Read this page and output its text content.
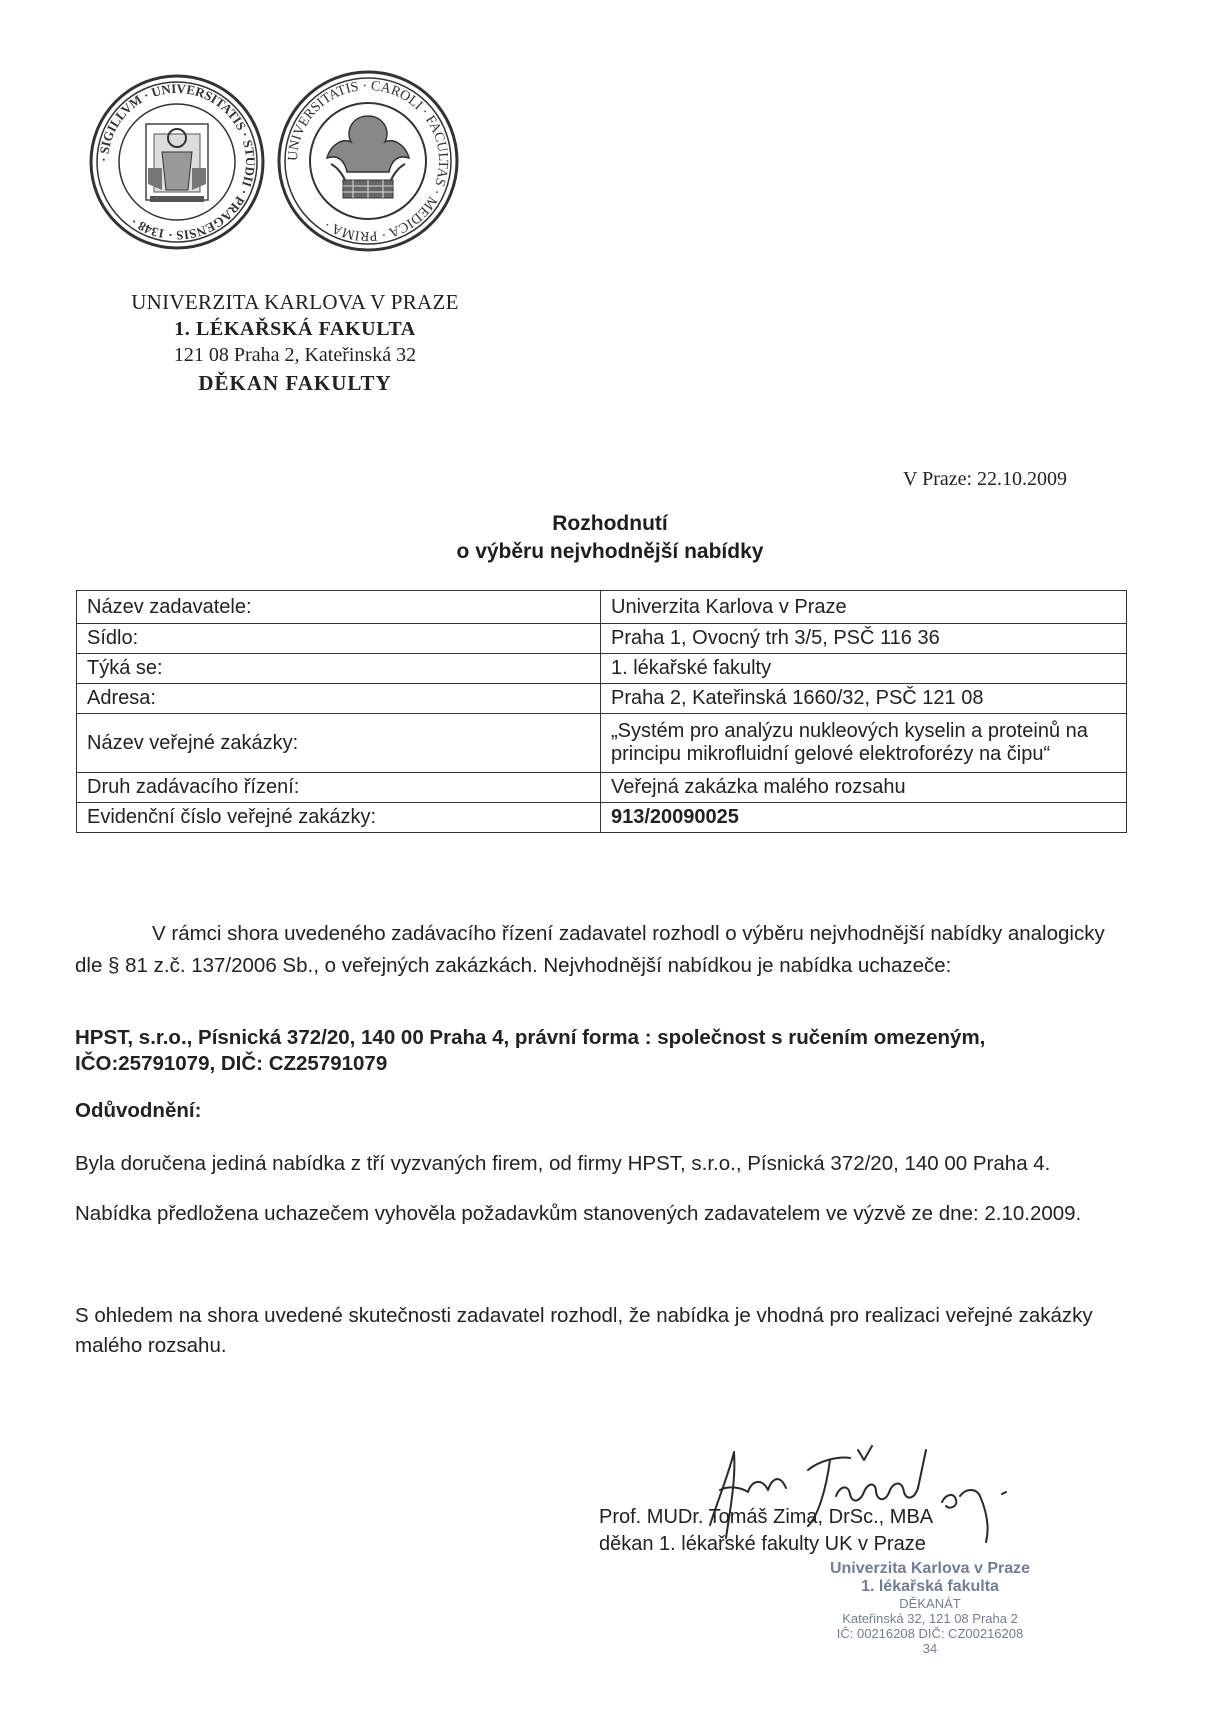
· SIGILLVM · UNIVERSITATIS · STUDII · PRAGENSIS · 1348 ·
UNIVERSITATIS · CAROLI · FACULTAS · MEDICA · PRIMA ·
UNIVERZITA KARLOVA V PRAZE
1. LÉKAŘSKÁ FAKULTA
121 08 Praha 2, Kateřinská 32
DĚKAN FAKULTY
V Praze: 22.10.2009
Rozhodnutí
o výběru nejvhodnější nabídky
Název zadavatele:	Univerzita Karlova v Praze
Sídlo:	Praha 1, Ovocný trh 3/5, PSČ 116 36
Týká se:	1. lékařské fakulty
Adresa:	Praha 2, Kateřinská 1660/32, PSČ 121 08
Název veřejné zakázky:	„Systém pro analýzu nukleových kyselin a proteinů na
principu mikrofluidní gelové elektroforézy na čipu“

Druh zadávacího řízení:	Veřejná zakázka malého rozsahu
Evidenční číslo veřejné zakázky:	913/20090025
V rámci shora uvedeného zadávacího řízení zadavatel rozhodl o výběru nejvhodnější nabídky analogicky
dle § 81 z.č. 137/2006 Sb., o veřejných zakázkách. Nejvhodnější nabídkou je nabídka uchazeče:
HPST, s.r.o., Písnická 372/20, 140 00 Praha 4, právní forma : společnost s ručením omezeným,
IČO:25791079, DIČ: CZ25791079
Odůvodnění:
Byla doručena jediná nabídka z tří vyzvaných firem, od firmy HPST, s.r.o., Písnická 372/20, 140 00 Praha 4.
Nabídka předložena uchazečem vyhověla požadavkům stanovených zadavatelem ve výzvě ze dne: 2.10.2009.
S ohledem na shora uvedené skutečnosti zadavatel rozhodl, že nabídka je vhodná pro realizaci veřejné zakázky
malého rozsahu.
Prof. MUDr. Tomáš Zima, DrSc., MBA
děkan 1. lékařské fakulty UK v Praze
Univerzita Karlova v Praze
1. lékařská fakulta
DĚKANÁT
Kateřinská 32, 121 08 Praha 2
IČ: 00216208 DIČ: CZ00216208
34
